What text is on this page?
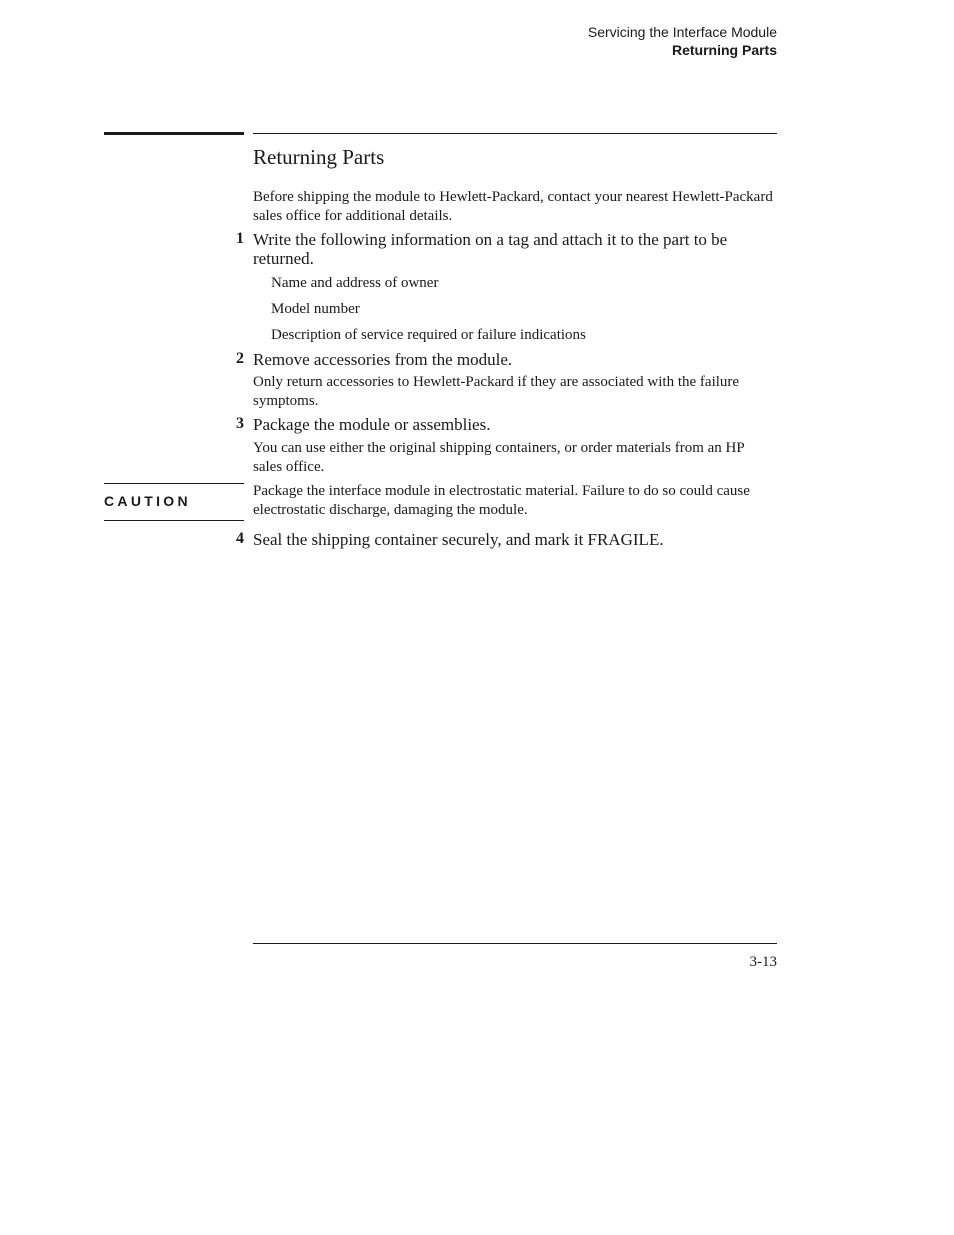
Servicing the Interface Module
Returning Parts
Returning Parts
Before shipping the module to Hewlett-Packard, contact your nearest Hewlett-Packard sales office for additional details.
1 Write the following information on a tag and attach it to the part to be returned.
Name and address of owner
Model number
Description of service required or failure indications
2 Remove accessories from the module.
Only return accessories to Hewlett-Packard if they are associated with the failure symptoms.
3 Package the module or assemblies.
You can use either the original shipping containers, or order materials from an HP sales office.
CAUTION
Package the interface module in electrostatic material. Failure to do so could cause electrostatic discharge, damaging the module.
4 Seal the shipping container securely, and mark it FRAGILE.
3-13
